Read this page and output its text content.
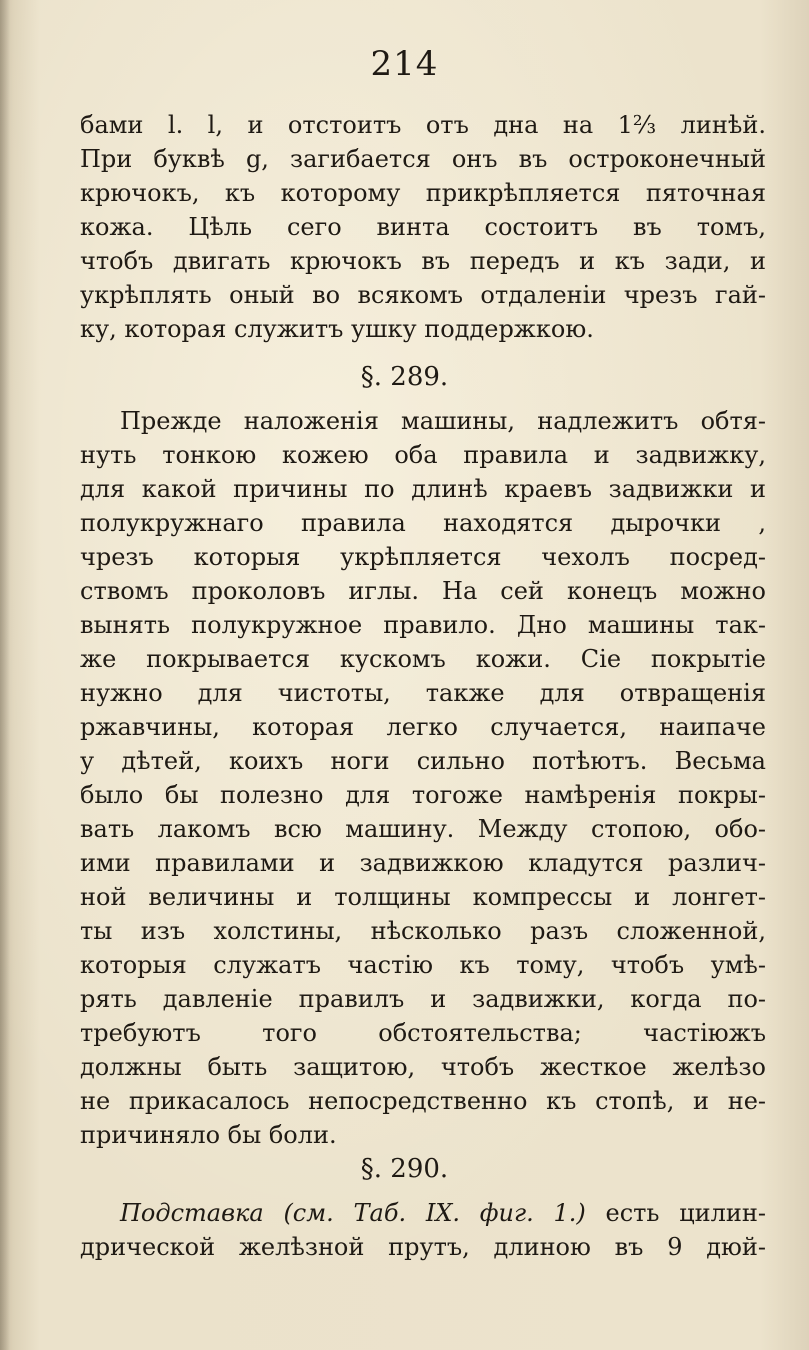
214
бами l. l, и отстоитъ отъ дна на 1⅔ линѣй.
При буквѣ g, загибается онъ въ остроконечный
крючокъ, къ которому прикрѣпляется пяточная
кожа. Цѣль сего винта состоитъ въ томъ,
чтобъ двигать крючокъ въ передъ и къ зади, и
укрѣплять оный во всякомъ отдаленіи чрезъ гай-
ку, которая служитъ ушку поддержкою.
§. 289.
Прежде наложенія машины, надлежитъ обтя-
нуть тонкою кожею оба правила и задвижку,
для какой причины по длинѣ краевъ задвижки и
полукружнаго правила находятся дырочки ,
чрезъ которыя укрѣпляется чехолъ посред-
ствомъ проколовъ иглы. На сей конецъ можно
вынять полукружное правило. Дно машины так-
же покрывается кускомъ кожи. Сіе покрытіе
нужно для чистоты, также для отвращенія
ржавчины, которая легко случается, наипаче
у дѣтей, коихъ ноги сильно потѣютъ. Весьма
было бы полезно для тогоже намѣренія покры-
вать лакомъ всю машину. Между стопою, обо-
ими правилами и задвижкою кладутся различ-
ной величины и толщины компрессы и лонгет-
ты изъ холстины, нѣсколько разъ сложенной,
которыя служатъ частію къ тому, чтобъ умѣ-
рять давленіе правилъ и задвижки, когда по-
требуютъ того обстоятельства; частіюжъ
должны быть защитою, чтобъ жесткое желѣзо
не прикасалось непосредственно къ стопѣ, и не-
причиняло бы боли.
§. 290.
Подставка (см. Таб. IX. фиг. 1.) есть цилин-
дрической желѣзной прутъ, длиною въ 9 дюй-
